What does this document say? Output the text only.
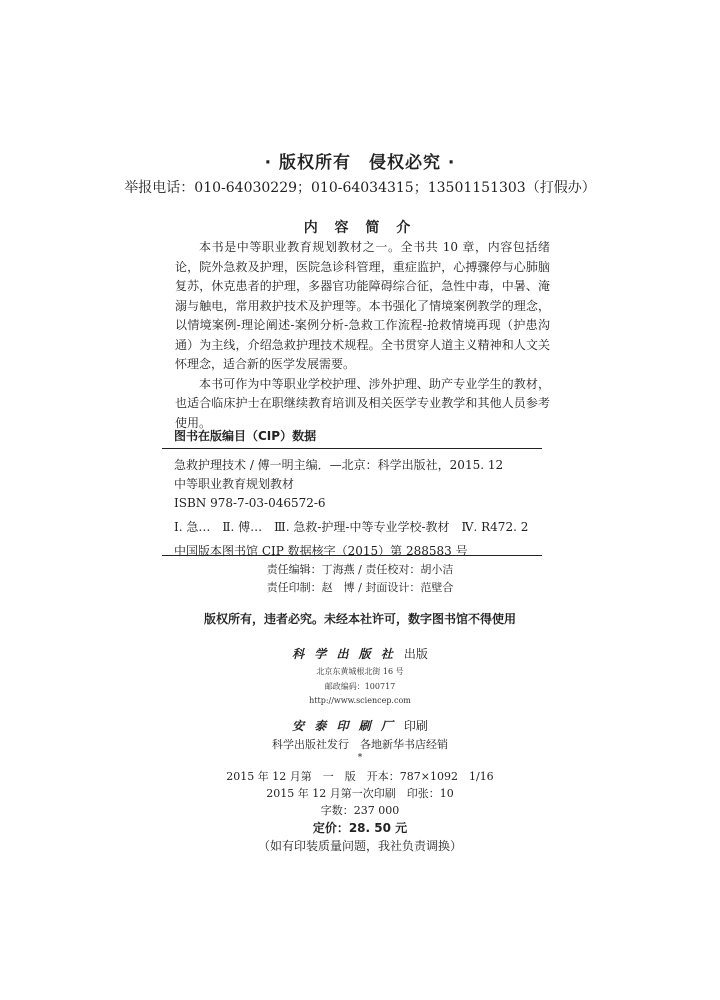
· 版权所有　侵权必究 ·
举报电话：010-64030229；010-64034315；13501151303（打假办）
内 容 简 介

本书是中等职业教育规划教材之一。全书共 10 章，内容包括绪论，院外急救及护理，医院急诊科管理，重症监护，心搏骤停与心肺脑复苏，休克患者的护理，多器官功能障碍综合征，急性中毒，中暑、淹溺与触电，常用救护技术及护理等。本书强化了情境案例教学的理念，以情境案例-理论阐述-案例分析-急救工作流程-抢救情境再现（护患沟通）为主线，介绍急救护理技术规程。全书贯穿人道主义精神和人文关怀理念，适合新的医学发展需要。

本书可作为中等职业学校护理、涉外护理、助产专业学生的教材，也适合临床护士在职继续教育培训及相关医学专业教学和其他人员参考使用。

图书在版编目（CIP）数据
急救护理技术 / 傅一明主编．—北京：科学出版社，2015. 12
中等职业教育规划教材
ISBN 978-7-03-046572-6
Ⅰ. 急…　Ⅱ. 傅…　Ⅲ. 急救-护理-中等专业学校-教材　Ⅳ. R472. 2
中国版本图书馆 CIP 数据核字（2015）第 288583 号
责任编辑：丁海燕 / 责任校对：胡小洁
责任印制：赵　博 / 封面设计：范壁合
版权所有，违者必究。未经本社许可，数字图书馆不得使用
科 学 出 版 社 出版
北京东黄城根北街 16 号
邮政编码：100717
http://www.sciencep.com
安 泰 印 刷 厂 印刷
科学出版社发行　各地新华书店经销
*
2015 年 12 月第　一　版　开本：787×1092　1/16
2015 年 12 月第一次印刷　印张：10
字数：237 000
定价：28. 50 元
（如有印装质量问题，我社负责调换）
